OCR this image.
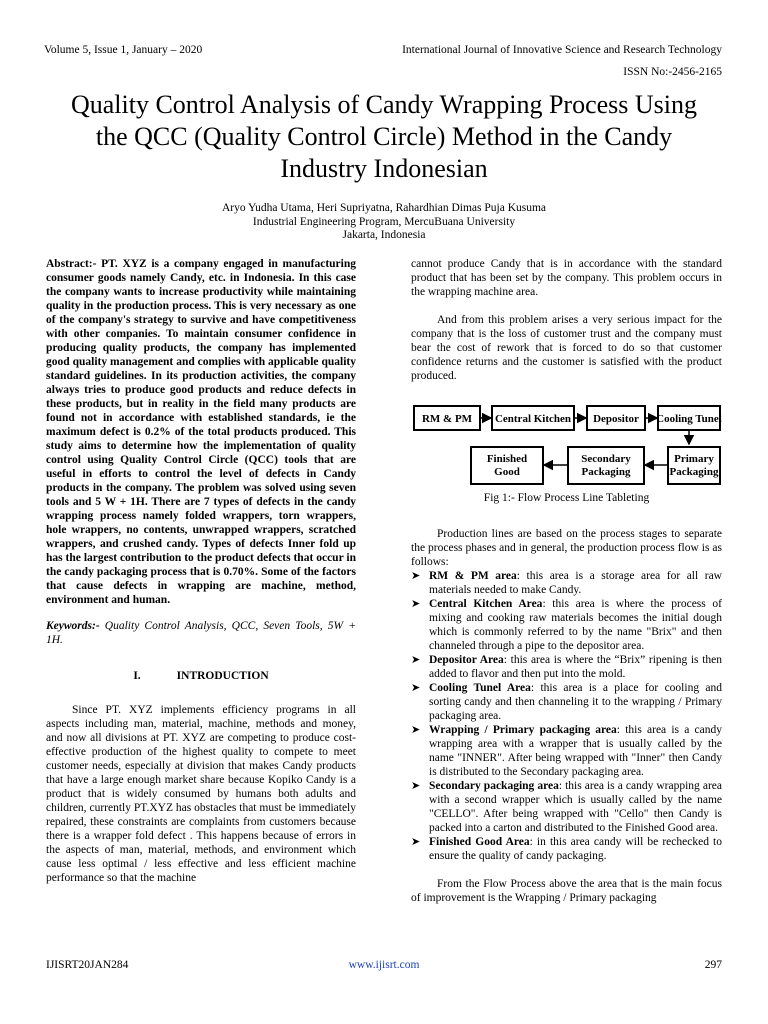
Volume 5, Issue 1, January – 2020	International Journal of Innovative Science and Research Technology
ISSN No:-2456-2165
Quality Control Analysis of Candy Wrapping Process Using the QCC (Quality Control Circle) Method in the Candy Industry Indonesian
Aryo Yudha Utama, Heri Supriyatna, Rahardhian Dimas Puja Kusuma
Industrial Engineering Program, MercuBuana University
Jakarta, Indonesia

Abstract:- PT. XYZ is a company engaged in manufacturing consumer goods namely Candy, etc. in Indonesia. In this case the company wants to increase productivity while maintaining quality in the production process. This is very necessary as one of the company's strategy to survive and have competitiveness with other companies. To maintain consumer confidence in producing quality products, the company has implemented good quality management and complies with applicable quality standard guidelines. In its production activities, the company always tries to produce good products and reduce defects in these products, but in reality in the field many products are found not in accordance with established standards, ie the maximum defect is 0.2% of the total products produced. This study aims to determine how the implementation of quality control using Quality Control Circle (QCC) tools that are useful in efforts to control the level of defects in Candy products in the company. The problem was solved using seven tools and 5 W + 1H. There are 7 types of defects in the candy wrapping process namely folded wrappers, torn wrappers, hole wrappers, no contents, unwrapped wrappers, scratched wrappers, and crushed candy. Types of defects Inner fold up has the largest contribution to the product defects that occur in the candy packaging process that is 0.70%. Some of the factors that cause defects in wrapping are machine, method, environment and human.

Keywords:- Quality Control Analysis, QCC, Seven Tools, 5W + 1H.

I.	INTRODUCTION

Since PT. XYZ implements efficiency programs in all aspects including man, material, machine, methods and money, and now all divisions at PT. XYZ are competing to produce cost-effective production of the highest quality to compete to meet customer needs, especially at division that makes Candy products that have a large enough market share because Kopiko Candy is a product that is widely consumed by humans both adults and children, currently PT.XYZ has obstacles that must be immediately repaired, these constraints are complaints from customers because there is a wrapper fold defect . This happens because of errors in the aspects of man, material, methods, and environment which cause less optimal / less effective and less efficient machine performance so that the machine

cannot produce Candy that is in accordance with the standard product that has been set by the company. This problem occurs in the wrapping machine area.

And from this problem arises a very serious impact for the company that is the loss of customer trust and the company must bear the cost of rework that is forced to do so that customer confidence returns and the customer is satisfied with the product produced.

RM & PM Central Kitchen Depositor Cooling Tunel
Finished
Good
Secondary
Packaging
Primary
Packaging
Fig 1:- Flow Process Line Tableting

Production lines are based on the process stages to separate the process phases and in general, the production process flow is as follows:

➤ RM & PM area: this area is a storage area for all raw materials needed to make Candy.
➤ Central Kitchen Area: this area is where the process of mixing and cooking raw materials becomes the initial dough which is commonly referred to by the name "Brix" and then channeled through a pipe to the depositor area.
➤ Depositor Area: this area is where the “Brix” ripening is then added to flavor and then put into the mold.
➤ Cooling Tunel Area: this area is a place for cooling and sorting candy and then channeling it to the wrapping / Primary packaging area.
➤ Wrapping / Primary packaging area: this area is a candy wrapping area with a wrapper that is usually called by the name "INNER". After being wrapped with "Inner" then Candy is distributed to the Secondary packaging area.
➤ Secondary packaging area: this area is a candy wrapping area with a second wrapper which is usually called by the name "CELLO". After being wrapped with "Cello" then Candy is packed into a carton and distributed to the Finished Good area.
➤ Finished Good Area: in this area candy will be rechecked to ensure the quality of candy packaging.

From the Flow Process above the area that is the main focus of improvement is the Wrapping / Primary packaging

IJISRT20JAN284	www.ijisrt.com	297
